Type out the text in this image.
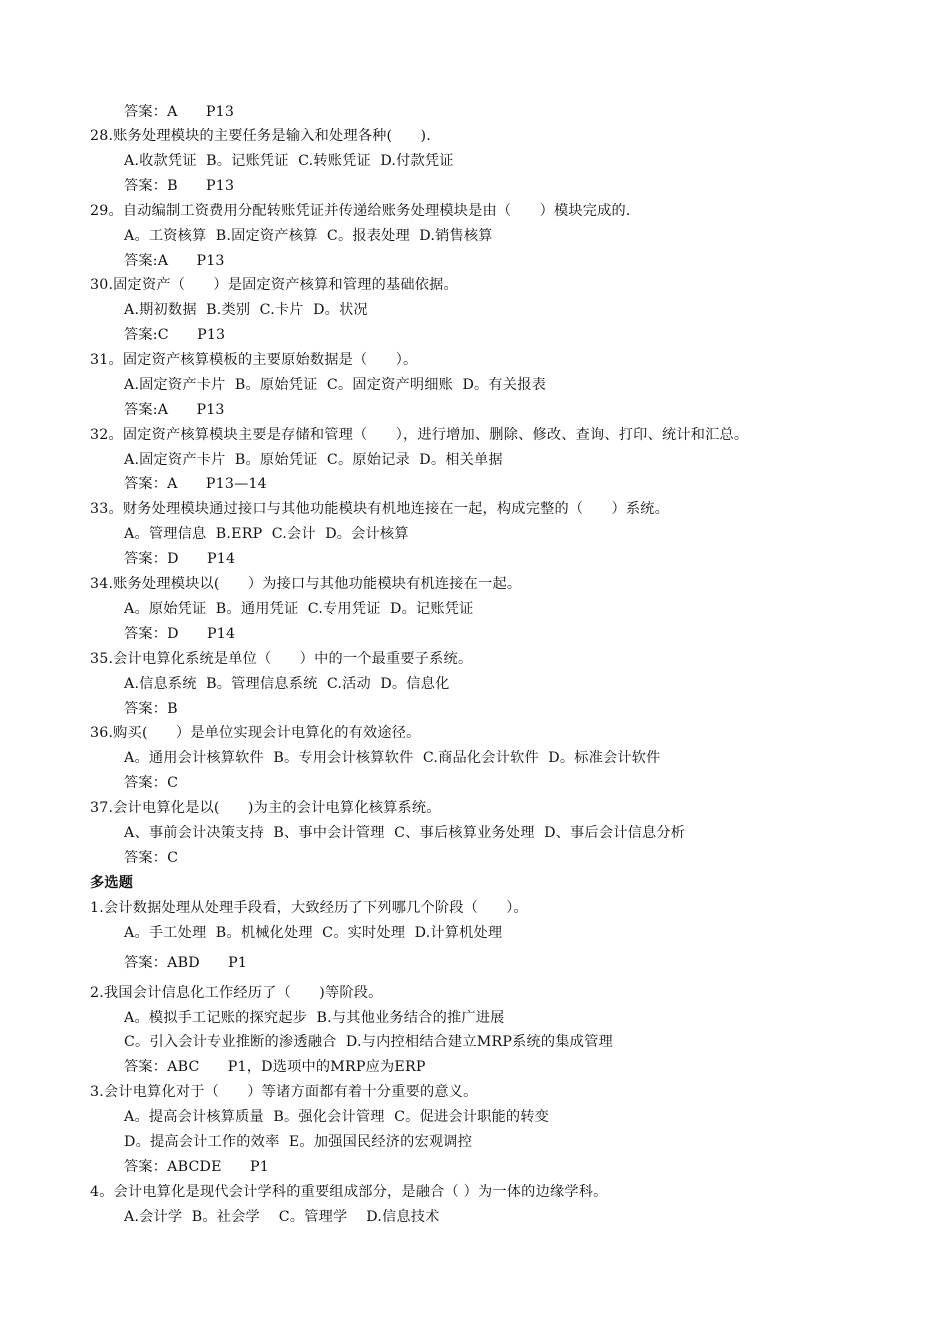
答案：A      P13
28.账务处理模块的主要任务是输入和处理各种(      ).
A.收款凭证  B。记账凭证  C.转账凭证  D.付款凭证
答案：B      P13
29。自动编制工资费用分配转账凭证并传递给账务处理模块是由（      ）模块完成的.
A。工资核算  B.固定资产核算  C。报表处理  D.销售核算
答案:A      P13
30.固定资产（      ）是固定资产核算和管理的基础依据。
A.期初数据  B.类别  C.卡片  D。状况
答案:C      P13
31。固定资产核算模板的主要原始数据是（      ）。
A.固定资产卡片  B。原始凭证  C。固定资产明细账  D。有关报表
答案:A      P13
32。固定资产核算模块主要是存储和管理（      ），进行增加、删除、修改、查询、打印、统计和汇总。
A.固定资产卡片  B。原始凭证  C。原始记录  D。相关单据
答案：A      P13—14
33。财务处理模块通过接口与其他功能模块有机地连接在一起，构成完整的（      ）系统。
A。管理信息  B.ERP  C.会计  D。会计核算
答案：D      P14
34.账务处理模块以(      ）为接口与其他功能模块有机连接在一起。
A。原始凭证  B。通用凭证  C.专用凭证  D。记账凭证
答案：D      P14
35.会计电算化系统是单位（      ）中的一个最重要子系统。
A.信息系统  B。管理信息系统  C.活动  D。信息化
答案：B
36.购买(      ）是单位实现会计电算化的有效途径。
A。通用会计核算软件  B。专用会计核算软件  C.商品化会计软件  D。标准会计软件
答案：C
37.会计电算化是以(      )为主的会计电算化核算系统。
A、事前会计决策支持  B、事中会计管理  C、事后核算业务处理  D、事后会计信息分析
答案：C
多选题
1.会计数据处理从处理手段看，大致经历了下列哪几个阶段（      ）。
A。手工处理  B。机械化处理  C。实时处理  D.计算机处理
答案：ABD      P1
2.我国会计信息化工作经历了（      )等阶段。
A。模拟手工记账的探究起步  B.与其他业务结合的推广进展
C。引入会计专业推断的渗透融合  D.与内控相结合建立MRP系统的集成管理
答案：ABC      P1，D选项中的MRP应为ERP
3.会计电算化对于（      ）等诸方面都有着十分重要的意义。
A。提高会计核算质量  B。强化会计管理  C。促进会计职能的转变
D。提高会计工作的效率  E。加强国民经济的宏观调控
答案：ABCDE      P1
4。会计电算化是现代会计学科的重要组成部分，是融合（ ）为一体的边缘学科。
A.会计学  B。社会学    C。管理学    D.信息技术
